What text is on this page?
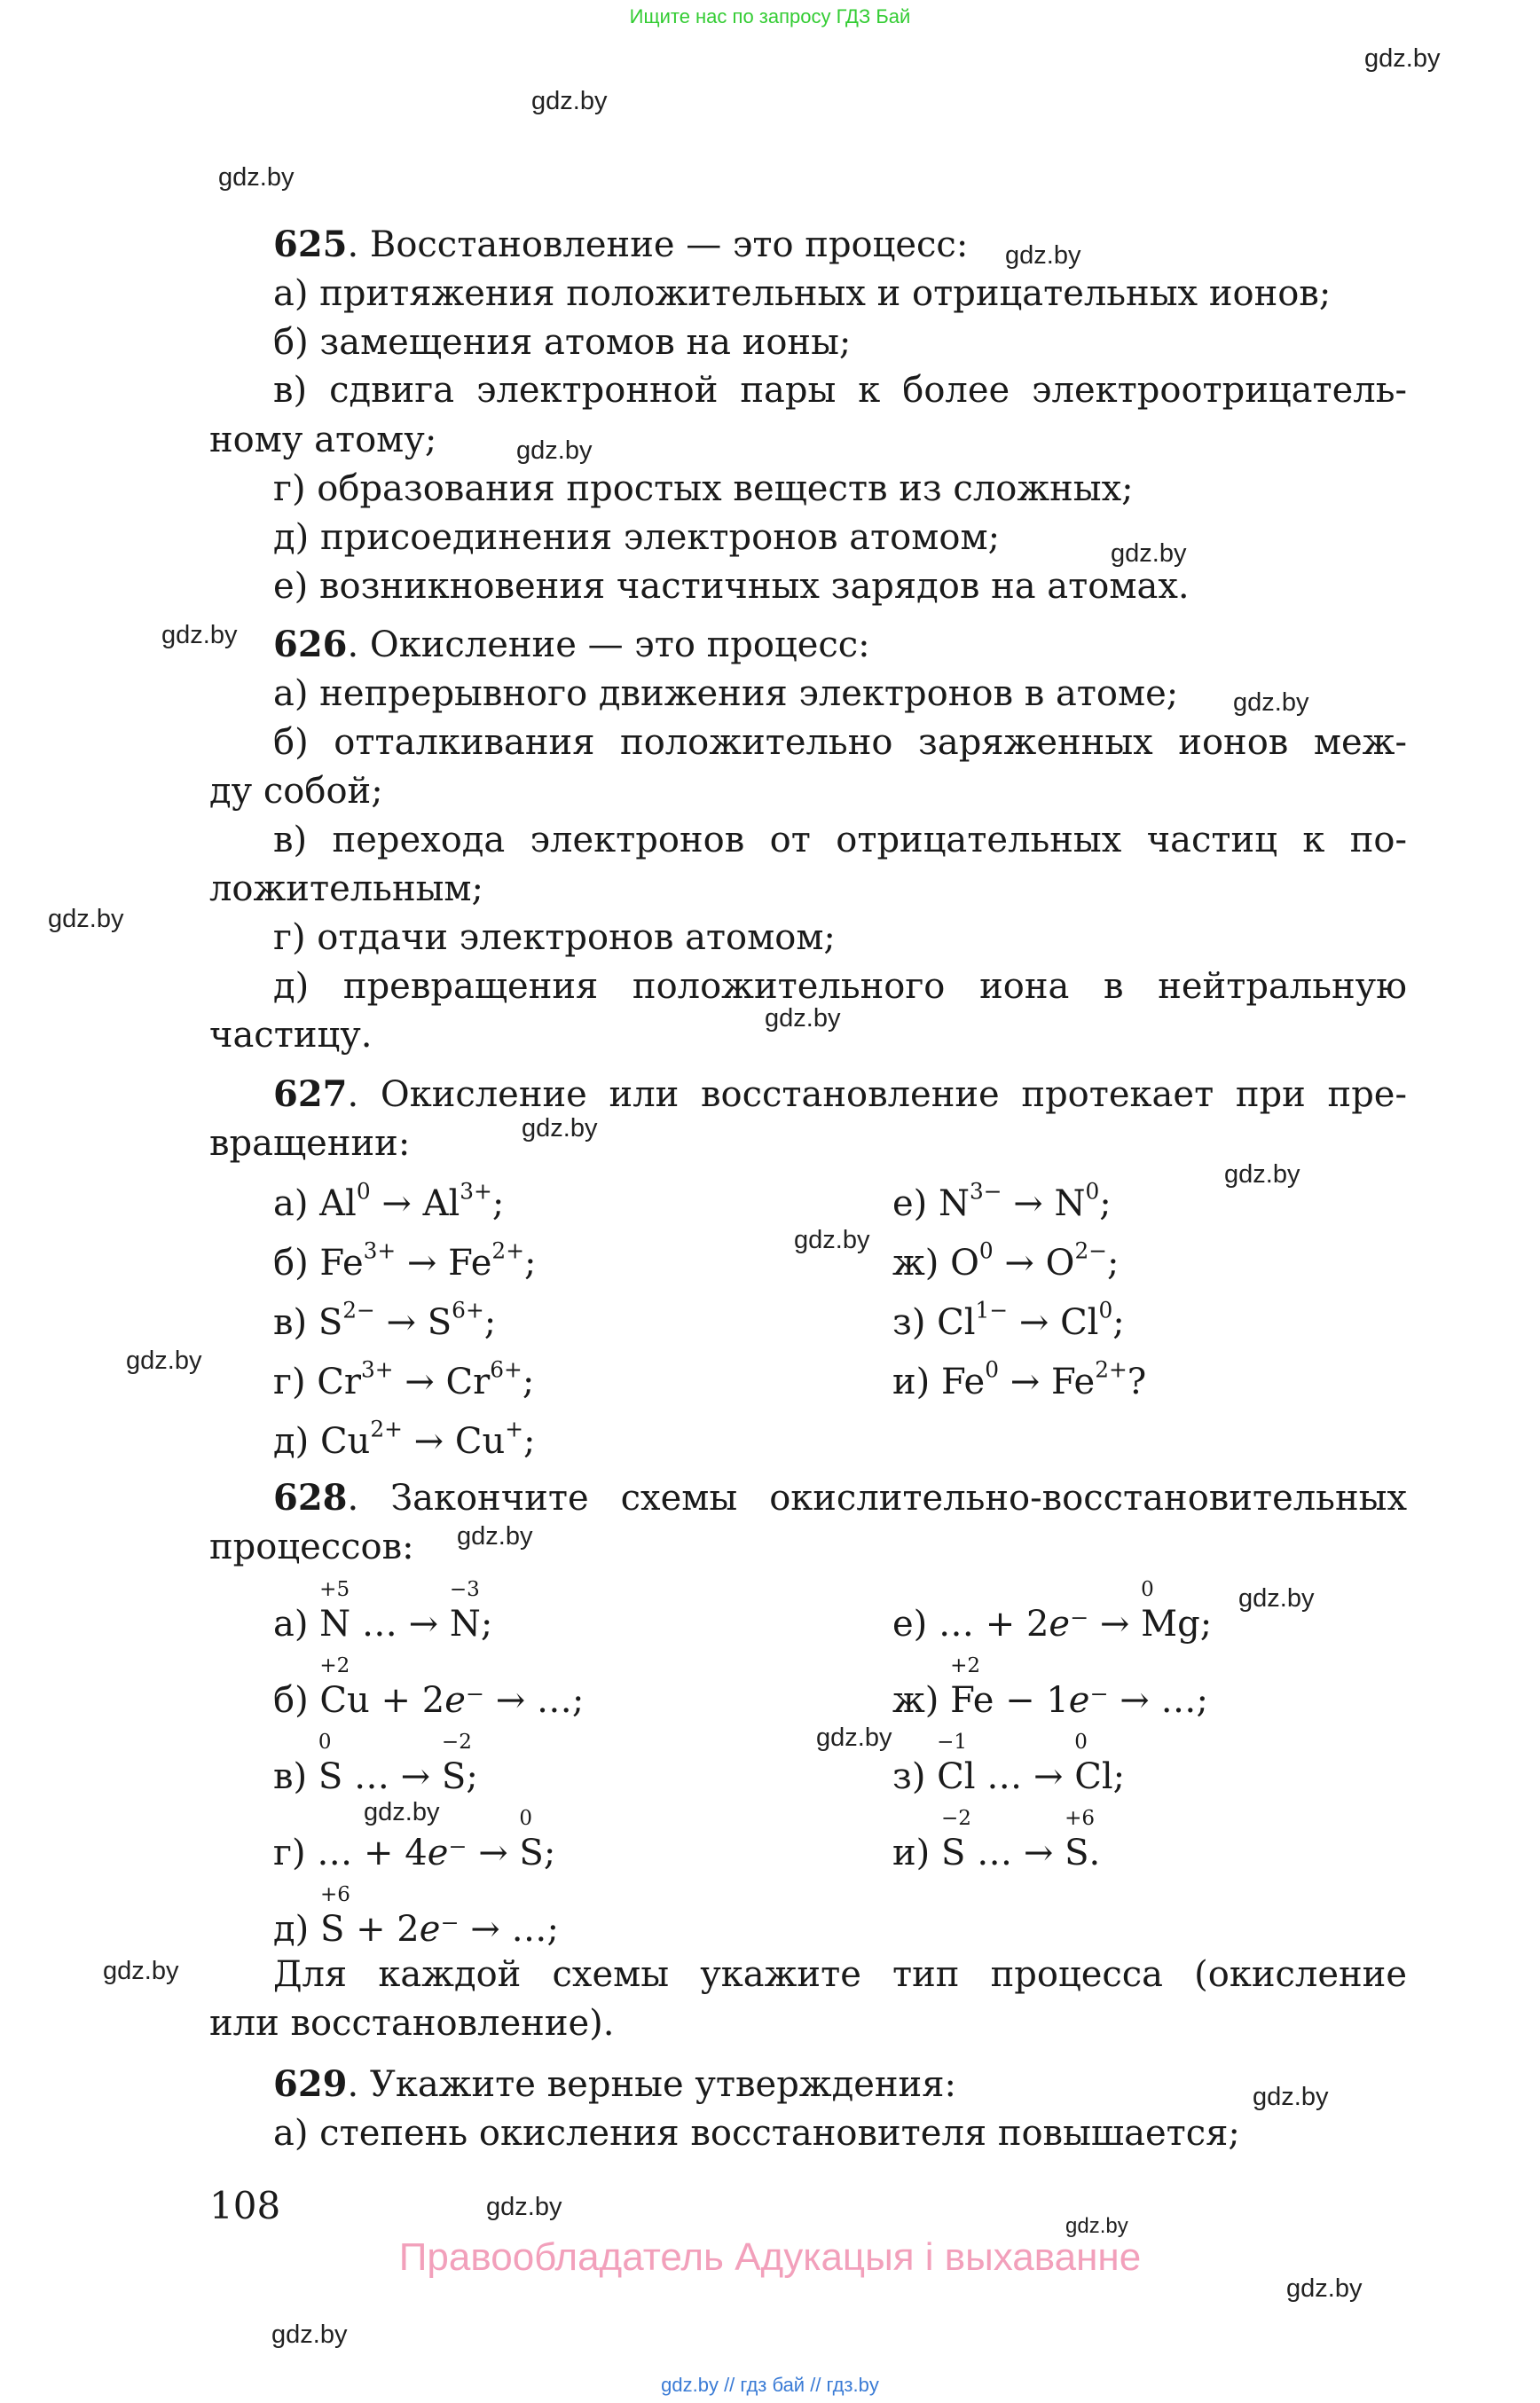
Ищите нас по запросу ГДЗ Бай
gdz.by
gdz.by
gdz.by
gdz.by
gdz.by
gdz.by
gdz.by
gdz.by
gdz.by
gdz.by
gdz.by
gdz.by
gdz.by
gdz.by
gdz.by
gdz.by
gdz.by
gdz.by
gdz.by
gdz.by
gdz.by
gdz.by
gdz.by
gdz.by
625. Восстановление — это процесс:
а) притяжения положительных и отрицательных ионов;
б) замещения атомов на ионы;
в) сдвига электронной пары к более электроотрицатель-
ному атому;
г) образования простых веществ из сложных;
д) присоединения электронов атомом;
е) возникновения частичных зарядов на атомах.
626. Окисление — это процесс:
а) непрерывного движения электронов в атоме;
б) отталкивания положительно заряженных ионов меж-
ду собой;
в) перехода электронов от отрицательных частиц к по-
ложительным;
г) отдачи электронов атомом;
д) превращения положительного иона в нейтральную
частицу.
627. Окисление или восстановление протекает при пре-
вращении:
а) $Al^0 \to Al^{3+}$;
б) $Fe^{3+} \to Fe^{2+}$;
в) $S^{2-} \to S^{6+}$;
г) $Cr^{3+} \to Cr^{6+}$;
д) $Cu^{2+} \to Cu^+$;
е) $N^{3-} \to N^0$;
ж) $O^0 \to O^{2-}$;
з) $Cl^{1-} \to Cl^0$;
и) $Fe^0 \to Fe^{2+}$?
628. Закончите схемы окислительно-восстановительных
процессов:
а)
+5
N … →
−3
N;
б)
+2
Cu + 2e⁻ → …;
в)
0
S … →
−2
S;
г) … + 4e⁻ →
0
S;
д)
+6
S + 2e⁻ → …;
е) … + 2e⁻ →
0
Mg;
ж)
+2
Fe − 1e⁻ → …;
з)
−1
Cl … →
0
Cl;
и)
−2
S … →
+6
S.
Для каждой схемы укажите тип процесса (окисление
или восстановление).
629. Укажите верные утверждения:
а) степень окисления восстановителя повышается;
108
Правообладатель Адукацыя і выхаванне
gdz.by // гдз бай // гдз.by
